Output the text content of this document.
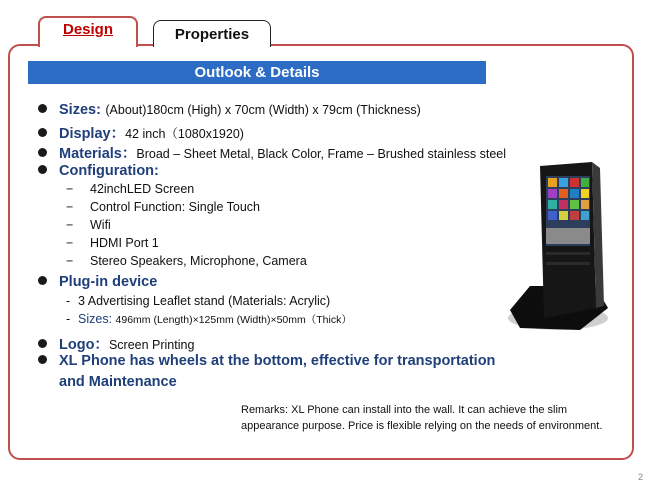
Properties
Design
Outlook & Details
Sizes:
(About)180cm (High) x 70cm (Width) x 79cm (Thickness)
Display： 42 inch（1080x1920)
Materials： Broad – Sheet Metal, Black Color, Frame – Brushed stainless steel
Configuration:
− 42inchLED Screen
− Control Function: Single Touch
− Wifi
− HDMI Port 1
− Stereo Speakers, Microphone, Camera
Plug-in device
- 3 Advertising Leaflet stand (Materials: Acrylic)
- Sizes: 496mm (Length)×125mm (Width)×50mm（Thick）
Logo： Screen Printing
XL Phone has wheels at the bottom, effective for transportation
and Maintenance
Remarks: XL Phone can install into the wall. It can achieve the slim
appearance purpose. Price is flexible relying on the needs of environment.
2
